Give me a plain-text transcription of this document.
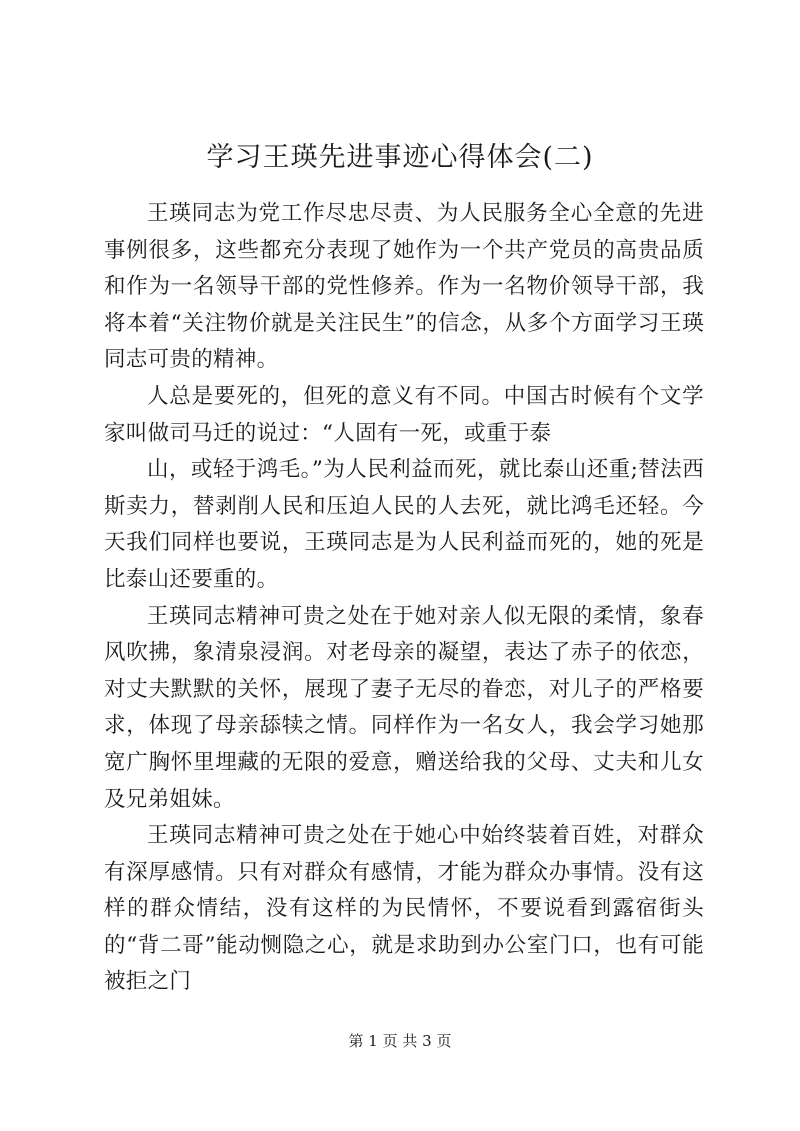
学习王瑛先进事迹心得体会(二)

王瑛同志为党工作尽忠尽责、为人民服务全心全意的先进事例很多，这些都充分表现了她作为一个共产党员的高贵品质和作为一名领导干部的党性修养。作为一名物价领导干部，我将本着“关注物价就是关注民生”的信念，从多个方面学习王瑛同志可贵的精神。

人总是要死的，但死的意义有不同。中国古时候有个文学家叫做司马迁的说过：“人固有一死，或重于泰

山，或轻于鸿毛。”为人民利益而死，就比泰山还重;替法西斯卖力，替剥削人民和压迫人民的人去死，就比鸿毛还轻。今天我们同样也要说，王瑛同志是为人民利益而死的，她的死是比泰山还要重的。

王瑛同志精神可贵之处在于她对亲人似无限的柔情，象春风吹拂，象清泉浸润。对老母亲的凝望，表达了赤子的依恋，对丈夫默默的关怀，展现了妻子无尽的眷恋，对儿子的严格要求，体现了母亲舔犊之情。同样作为一名女人，我会学习她那宽广胸怀里埋藏的无限的爱意，赠送给我的父母、丈夫和儿女及兄弟姐妹。

王瑛同志精神可贵之处在于她心中始终装着百姓，对群众有深厚感情。只有对群众有感情，才能为群众办事情。没有这样的群众情结，没有这样的为民情怀，不要说看到露宿街头的“背二哥”能动恻隐之心，就是求助到办公室门口，也有可能被拒之门

第 1 页 共 3 页
